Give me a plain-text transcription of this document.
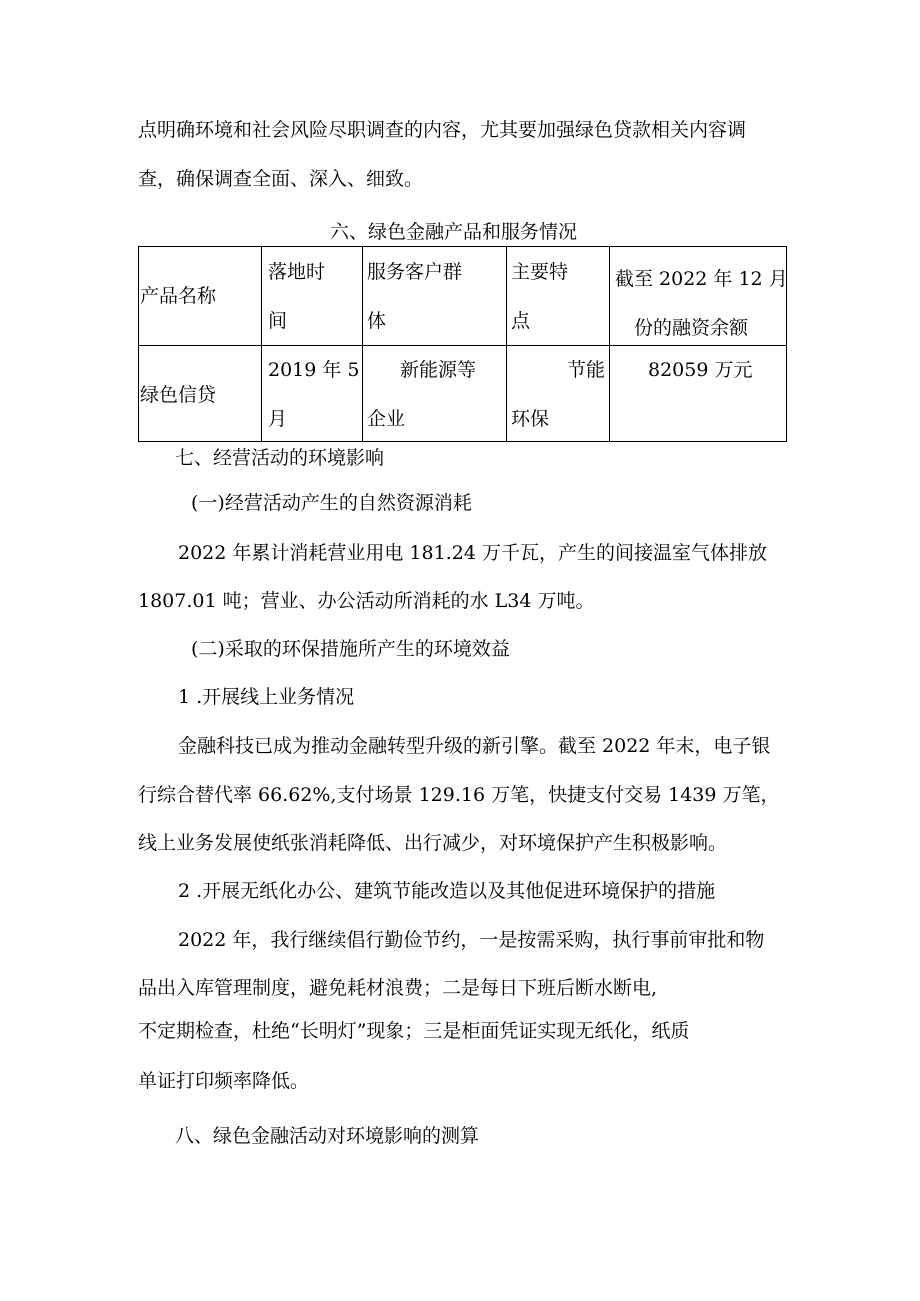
点明确环境和社会风险尽职调查的内容，尤其要加强绿色贷款相关内容调
查，确保调查全面、深入、细致。
六、绿色金融产品和服务情况
产品名称
落地时
间
服务客户群
体
主要特
点
截至 2022 年 12 月
份的融资余额
绿色信贷
2019 年 5
月
新能源等
企业
节能
环保
82059 万元
七、经营活动的环境影响
(一)经营活动产生的自然资源消耗
2022 年累计消耗营业用电 181.24 万千瓦，产生的间接温室气体排放
1807.01 吨；营业、办公活动所消耗的水 L34 万吨。
(二)采取的环保措施所产生的环境效益
1 .开展线上业务情况
金融科技已成为推动金融转型升级的新引擎。截至 2022 年末，电子银
行综合替代率 66.62%,支付场景 129.16 万笔，快捷支付交易 1439 万笔，
线上业务发展使纸张消耗降低、出行减少，对环境保护产生积极影响。
2 .开展无纸化办公、建筑节能改造以及其他促进环境保护的措施
2022 年，我行继续倡行勤俭节约，一是按需采购，执行事前审批和物
品出入库管理制度，避免耗材浪费；二是每日下班后断水断电,
不定期检查，杜绝“长明灯”现象；三是柜面凭证实现无纸化，纸质
单证打印频率降低。
八、绿色金融活动对环境影响的测算
